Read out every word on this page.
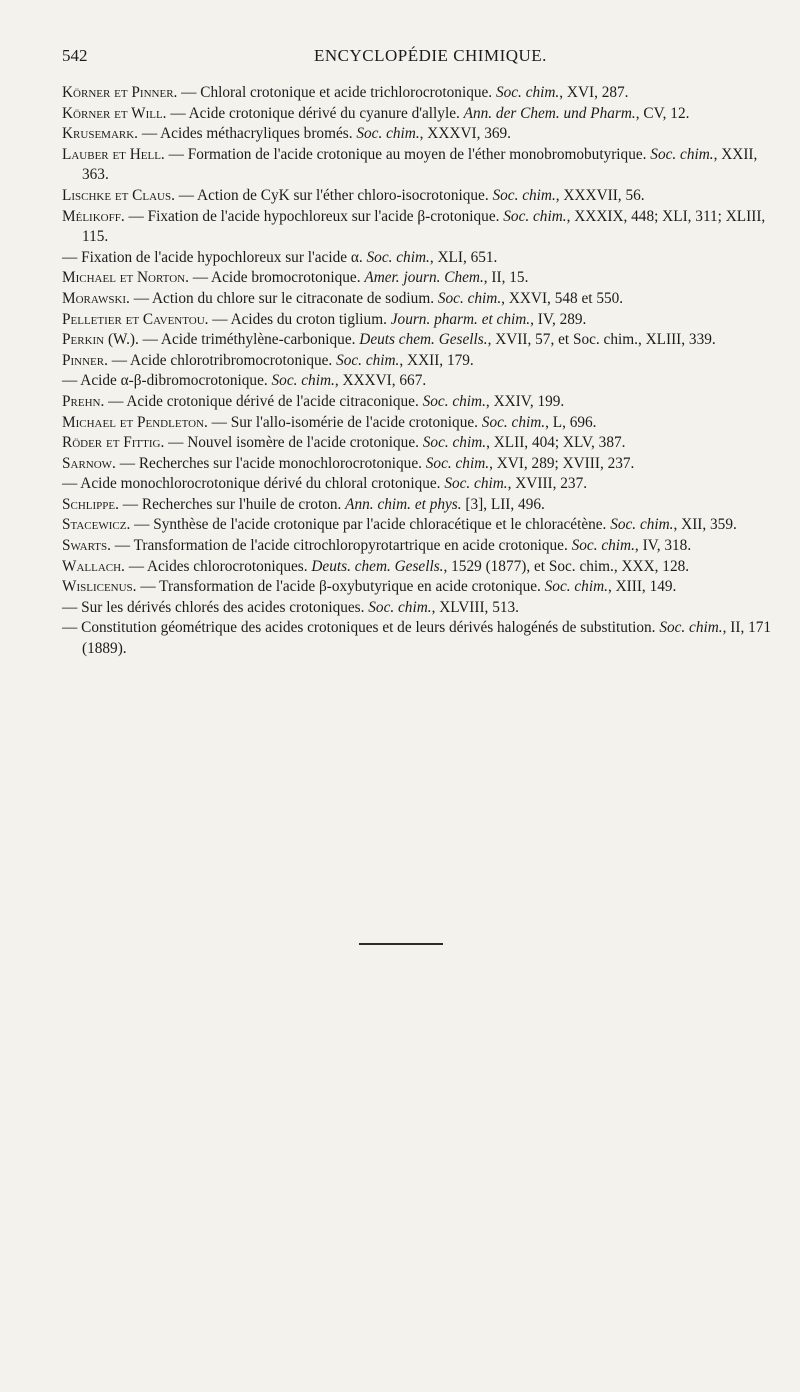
542	ENCYCLOPÉDIE CHIMIQUE.

Körner et Pinner. — Chloral crotonique et acide trichlorocrotonique. Soc. chim., XVI, 287.

Körner et Will. — Acide crotonique dérivé du cyanure d'allyle. Ann. der Chem. und Pharm., CV, 12.

Krusemark. — Acides méthacryliques bromés. Soc. chim., XXXVI, 369.

Lauber et Hell. — Formation de l'acide crotonique au moyen de l'éther monobromobutyrique. Soc. chim., XXII, 363.

Lischke et Claus. — Action de CyK sur l'éther chloro-isocrotonique. Soc. chim., XXXVII, 56.

Mélikoff. — Fixation de l'acide hypochloreux sur l'acide β-crotonique. Soc. chim., XXXIX, 448; XLI, 311; XLIII, 115.

— Fixation de l'acide hypochloreux sur l'acide α. Soc. chim., XLI, 651.

Michael et Norton. — Acide bromocrotonique. Amer. journ. Chem., II, 15.

Morawski. — Action du chlore sur le citraconate de sodium. Soc. chim., XXVI, 548 et 550.

Pelletier et Caventou. — Acides du croton tiglium. Journ. pharm. et chim., IV, 289.

Perkin (W.). — Acide triméthylène-carbonique. Deuts chem. Gesells., XVII, 57, et Soc. chim., XLIII, 339.

Pinner. — Acide chlorotribromocrotonique. Soc. chim., XXII, 179.

— Acide α-β-dibromocrotonique. Soc. chim., XXXVI, 667.

Prehn. — Acide crotonique dérivé de l'acide citraconique. Soc. chim., XXIV, 199.

Michael et Pendleton. — Sur l'allo-isomérie de l'acide crotonique. Soc. chim., L, 696.

Röder et Fittig. — Nouvel isomère de l'acide crotonique. Soc. chim., XLII, 404; XLV, 387.

Sarnow. — Recherches sur l'acide monochlorocrotonique. Soc. chim., XVI, 289; XVIII, 237.

— Acide monochlorocrotonique dérivé du chloral crotonique. Soc. chim., XVIII, 237.

Schlippe. — Recherches sur l'huile de croton. Ann. chim. et phys. [3], LII, 496.

Stacewicz. — Synthèse de l'acide crotonique par l'acide chloracétique et le chloracétène. Soc. chim., XII, 359.

Swarts. — Transformation de l'acide citrochloropyrotartrique en acide crotonique. Soc. chim., IV, 318.

Wallach. — Acides chlorocrotoniques. Deuts. chem. Gesells., 1529 (1877), et Soc. chim., XXX, 128.

Wislicenus. — Transformation de l'acide β-oxybutyrique en acide crotonique. Soc. chim., XIII, 149.

— Sur les dérivés chlorés des acides crotoniques. Soc. chim., XLVIII, 513.

— Constitution géométrique des acides crotoniques et de leurs dérivés halogénés de substitution. Soc. chim., II, 171 (1889).
